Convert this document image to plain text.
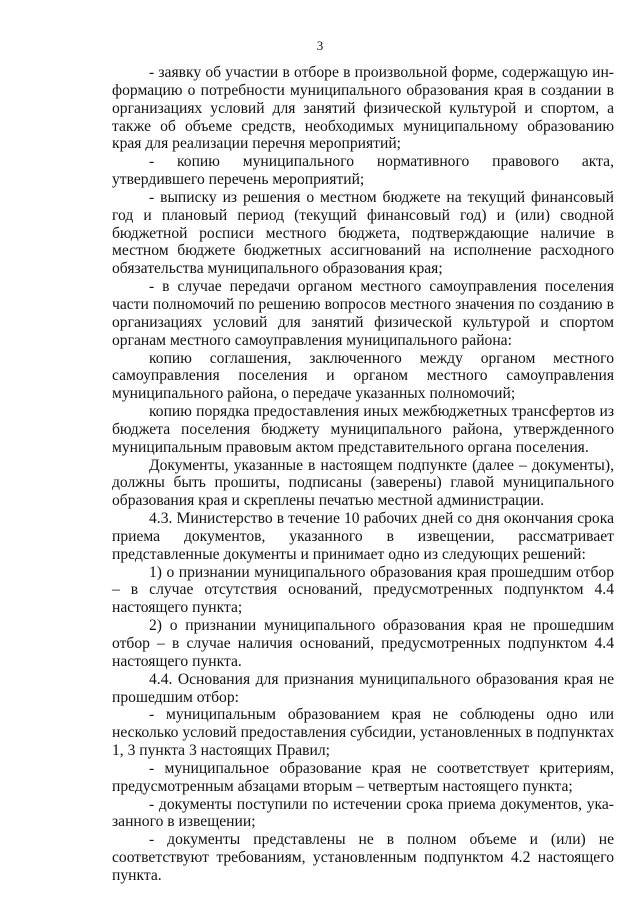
3

- заявку об участии в отборе в произвольной форме, содержащую информацию о потребности муниципального образования края в создании в организациях условий для занятий физической культурой и спортом, а также об объеме средств, необходимых муниципальному образованию края для реализации перечня мероприятий;

- копию муниципального нормативного правового акта, утвердившего перечень мероприятий;

- выписку из решения о местном бюджете на текущий финансовый год и плановый период (текущий финансовый год) и (или) сводной бюджетной росписи местного бюджета, подтверждающие наличие в местном бюджете бюджетных ассигнований на исполнение расходного обязательства муниципального образования края;

- в случае передачи органом местного самоуправления поселения части полномочий по решению вопросов местного значения по созданию в организациях условий для занятий физической культурой и спортом органам местного самоуправления муниципального района:

копию соглашения, заключенного между органом местного самоуправления поселения и органом местного самоуправления муниципального района, о передаче указанных полномочий;

копию порядка предоставления иных межбюджетных трансфертов из бюджета поселения бюджету муниципального района, утвержденного муниципальным правовым актом представительного органа поселения.

Документы, указанные в настоящем подпункте (далее – документы), должны быть прошиты, подписаны (заверены) главой муниципального образования края и скреплены печатью местной администрации.

4.3. Министерство в течение 10 рабочих дней со дня окончания срока приема документов, указанного в извещении, рассматривает представленные документы и принимает одно из следующих решений:

1) о признании муниципального образования края прошедшим отбор – в случае отсутствия оснований, предусмотренных подпунктом 4.4 настоящего пункта;

2) о признании муниципального образования края не прошедшим отбор – в случае наличия оснований, предусмотренных подпунктом 4.4 настоящего пункта.

4.4. Основания для признания муниципального образования края не прошедшим отбор:

- муниципальным образованием края не соблюдены одно или несколько условий предоставления субсидии, установленных в подпунктах 1, 3 пункта 3 настоящих Правил;

- муниципальное образование края не соответствует критериям, предусмотренным абзацами вторым – четвертым настоящего пункта;

- документы поступили по истечении срока приема документов, указанного в извещении;

- документы представлены не в полном объеме и (или) не соответствуют требованиям, установленным подпунктом 4.2 настоящего пункта.
